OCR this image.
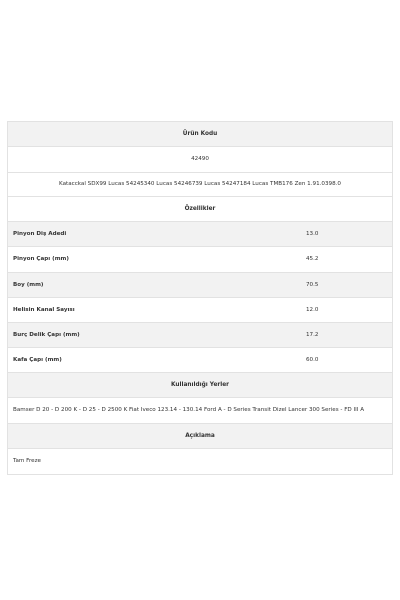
Ürün Kodu
42490
Katacckal SDX99 Lucas 54245340 Lucas 54246739 Lucas 54247184 Lucas TMB176 Zen 1.91.0398.0
Özellikler
Pinyon Diş Adedi	13.0
Pinyon Çapı (mm)	45.2
Boy (mm)	70.5
Helisin Kanal Sayısı	12.0
Burç Delik Çapı (mm)	17.2
Kafa Çapı (mm)	60.0
Kullanıldığı Yerler
Bamser D 20 - D 200 K - D 25 - D 2500 K Fiat Iveco 123.14 - 130.14 Ford A - D Series Transit Dizel Lancer 300 Series - FD III A
Açıklama
Tam Freze
